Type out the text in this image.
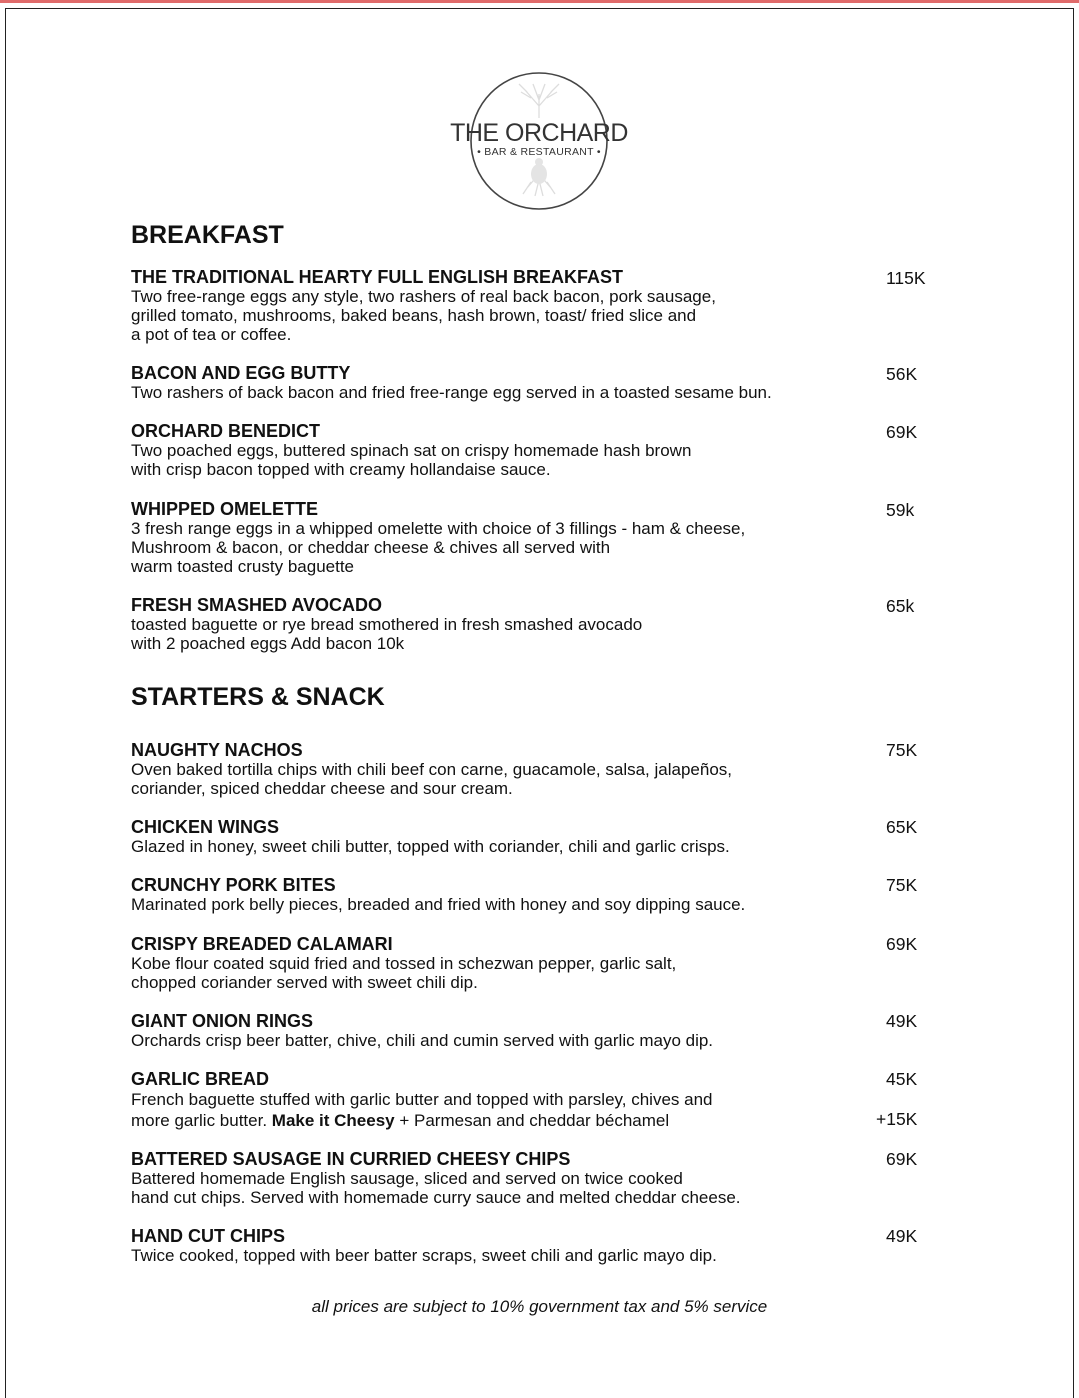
THE ORCHARD
• BAR & RESTAURANT •
BREAKFAST
THE TRADITIONAL HEARTY FULL ENGLISH BREAKFAST
Two free-range eggs any style, two rashers of real back bacon, pork sausage,
grilled tomato, mushrooms, baked beans, hash brown, toast/ fried slice and
a pot of tea or coffee.
115K
BACON AND EGG BUTTY
Two rashers of back bacon and fried free-range egg served in a toasted sesame bun.
56K
ORCHARD BENEDICT
Two poached eggs, buttered spinach sat on crispy homemade hash brown
with crisp bacon topped with creamy hollandaise sauce.
69K
WHIPPED OMELETTE
3 fresh range eggs in a whipped omelette with choice of 3 fillings - ham & cheese,
Mushroom & bacon, or cheddar cheese & chives all served with
warm toasted crusty baguette
59k
FRESH SMASHED AVOCADO
toasted baguette or rye bread smothered in fresh smashed avocado
with 2 poached eggs Add bacon 10k
65k
STARTERS & SNACK
NAUGHTY NACHOS
Oven baked tortilla chips with chili beef con carne, guacamole, salsa, jalapeños,
coriander, spiced cheddar cheese and sour cream.
75K
CHICKEN WINGS
Glazed in honey, sweet chili butter, topped with coriander, chili and garlic crisps.
65K
CRUNCHY PORK BITES
Marinated pork belly pieces, breaded and fried with honey and soy dipping sauce.
75K
CRISPY BREADED CALAMARI
Kobe flour coated squid fried and tossed in schezwan pepper, garlic salt,
chopped coriander served with sweet chili dip.
69K
GIANT ONION RINGS
Orchards crisp beer batter, chive, chili and cumin served with garlic mayo dip.
49K
GARLIC BREAD
French baguette stuffed with garlic butter and topped with parsley, chives and
more garlic butter. Make it Cheesy + Parmesan and cheddar béchamel
45K
+15K
BATTERED SAUSAGE IN CURRIED CHEESY CHIPS
Battered homemade English sausage, sliced and served on twice cooked
hand cut chips. Served with homemade curry sauce and melted cheddar cheese.
69K
HAND CUT CHIPS
Twice cooked, topped with beer batter scraps, sweet chili and garlic mayo dip.
49K
all prices are subject to 10% government tax and 5% service
